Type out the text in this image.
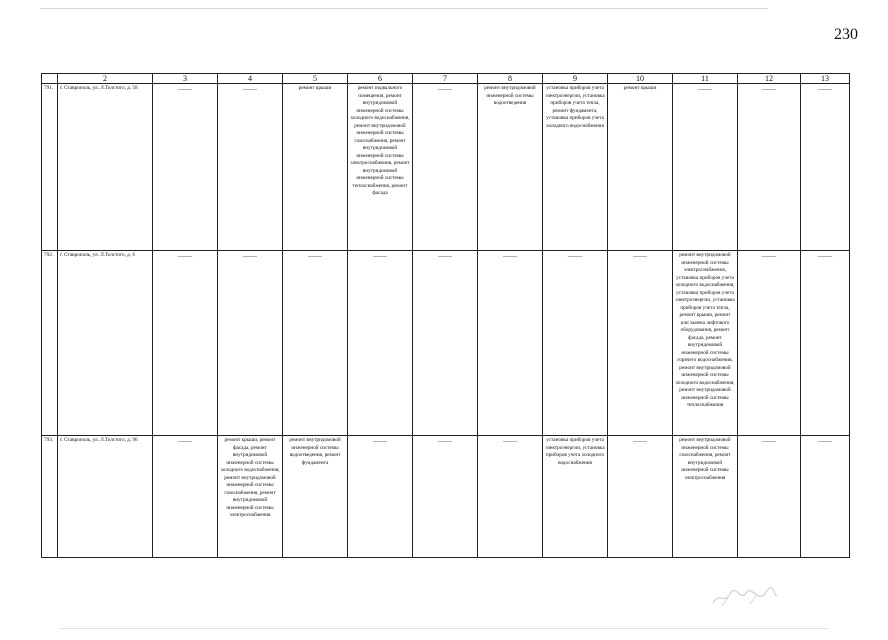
230
	2	3	4	5	6	7	8	9	10	11	12	13
791.	г. Ставрополь, ул. Л.Толстого, д. 58	——	——	ремонт крыши	ремонт подвального помещения, ремонт внутридомовой инженерной системы холодного водоснабжения, ремонт внутридомовой инженерной системы газоснабжения, ремонт внутридомовой инженерной системы электроснабжения, ремонт внутридомовой инженерной системы теплоснабжения, ремонт фасада	——	ремонт внутридомовой инженерной системы водоотведения	установка приборов учета электроэнергии, установка приборов учета тепла, ремонт фундамента, установка приборов учета холодного водоснабжения	ремонт крыши	——	——	——

792.	г. Ставрополь, ул. Л.Толстого, д. 6	——	——	——	——	——	——	——	——	ремонт внутридомовой инженерной системы электроснабжения, установка приборов учета холодного водоснабжения, установка приборов учета электроэнергии, установка приборов учета тепла, ремонт крыши, ремонт или замена лифтового оборудования, ремонт фасада, ремонт внутридомовой инженерной системы горячего водоснабжения, ремонт внутридомовой инженерной системы холодного водоснабжения, ремонт внутридомовой инженерной системы теплоснабжения	——	——

793.	г. Ставрополь, ул. Л.Толстого, д. 96	——	ремонт крыши, ремонт фасада, ремонт внутридомовой инженерной системы холодного водоснабжения, ремонт внутридомовой инженерной системы газоснабжения, ремонт внутридомовой инженерной системы электроснабжения	ремонт внутридомовой инженерной системы водоотведения, ремонт фундамента	——	——	——	установка приборов учета электроэнергии, установка приборов учета холодного водоснабжения	——	ремонт внутридомовой инженерной системы газоснабжения, ремонт внутридомовой инженерной системы электроснабжения	——	——
